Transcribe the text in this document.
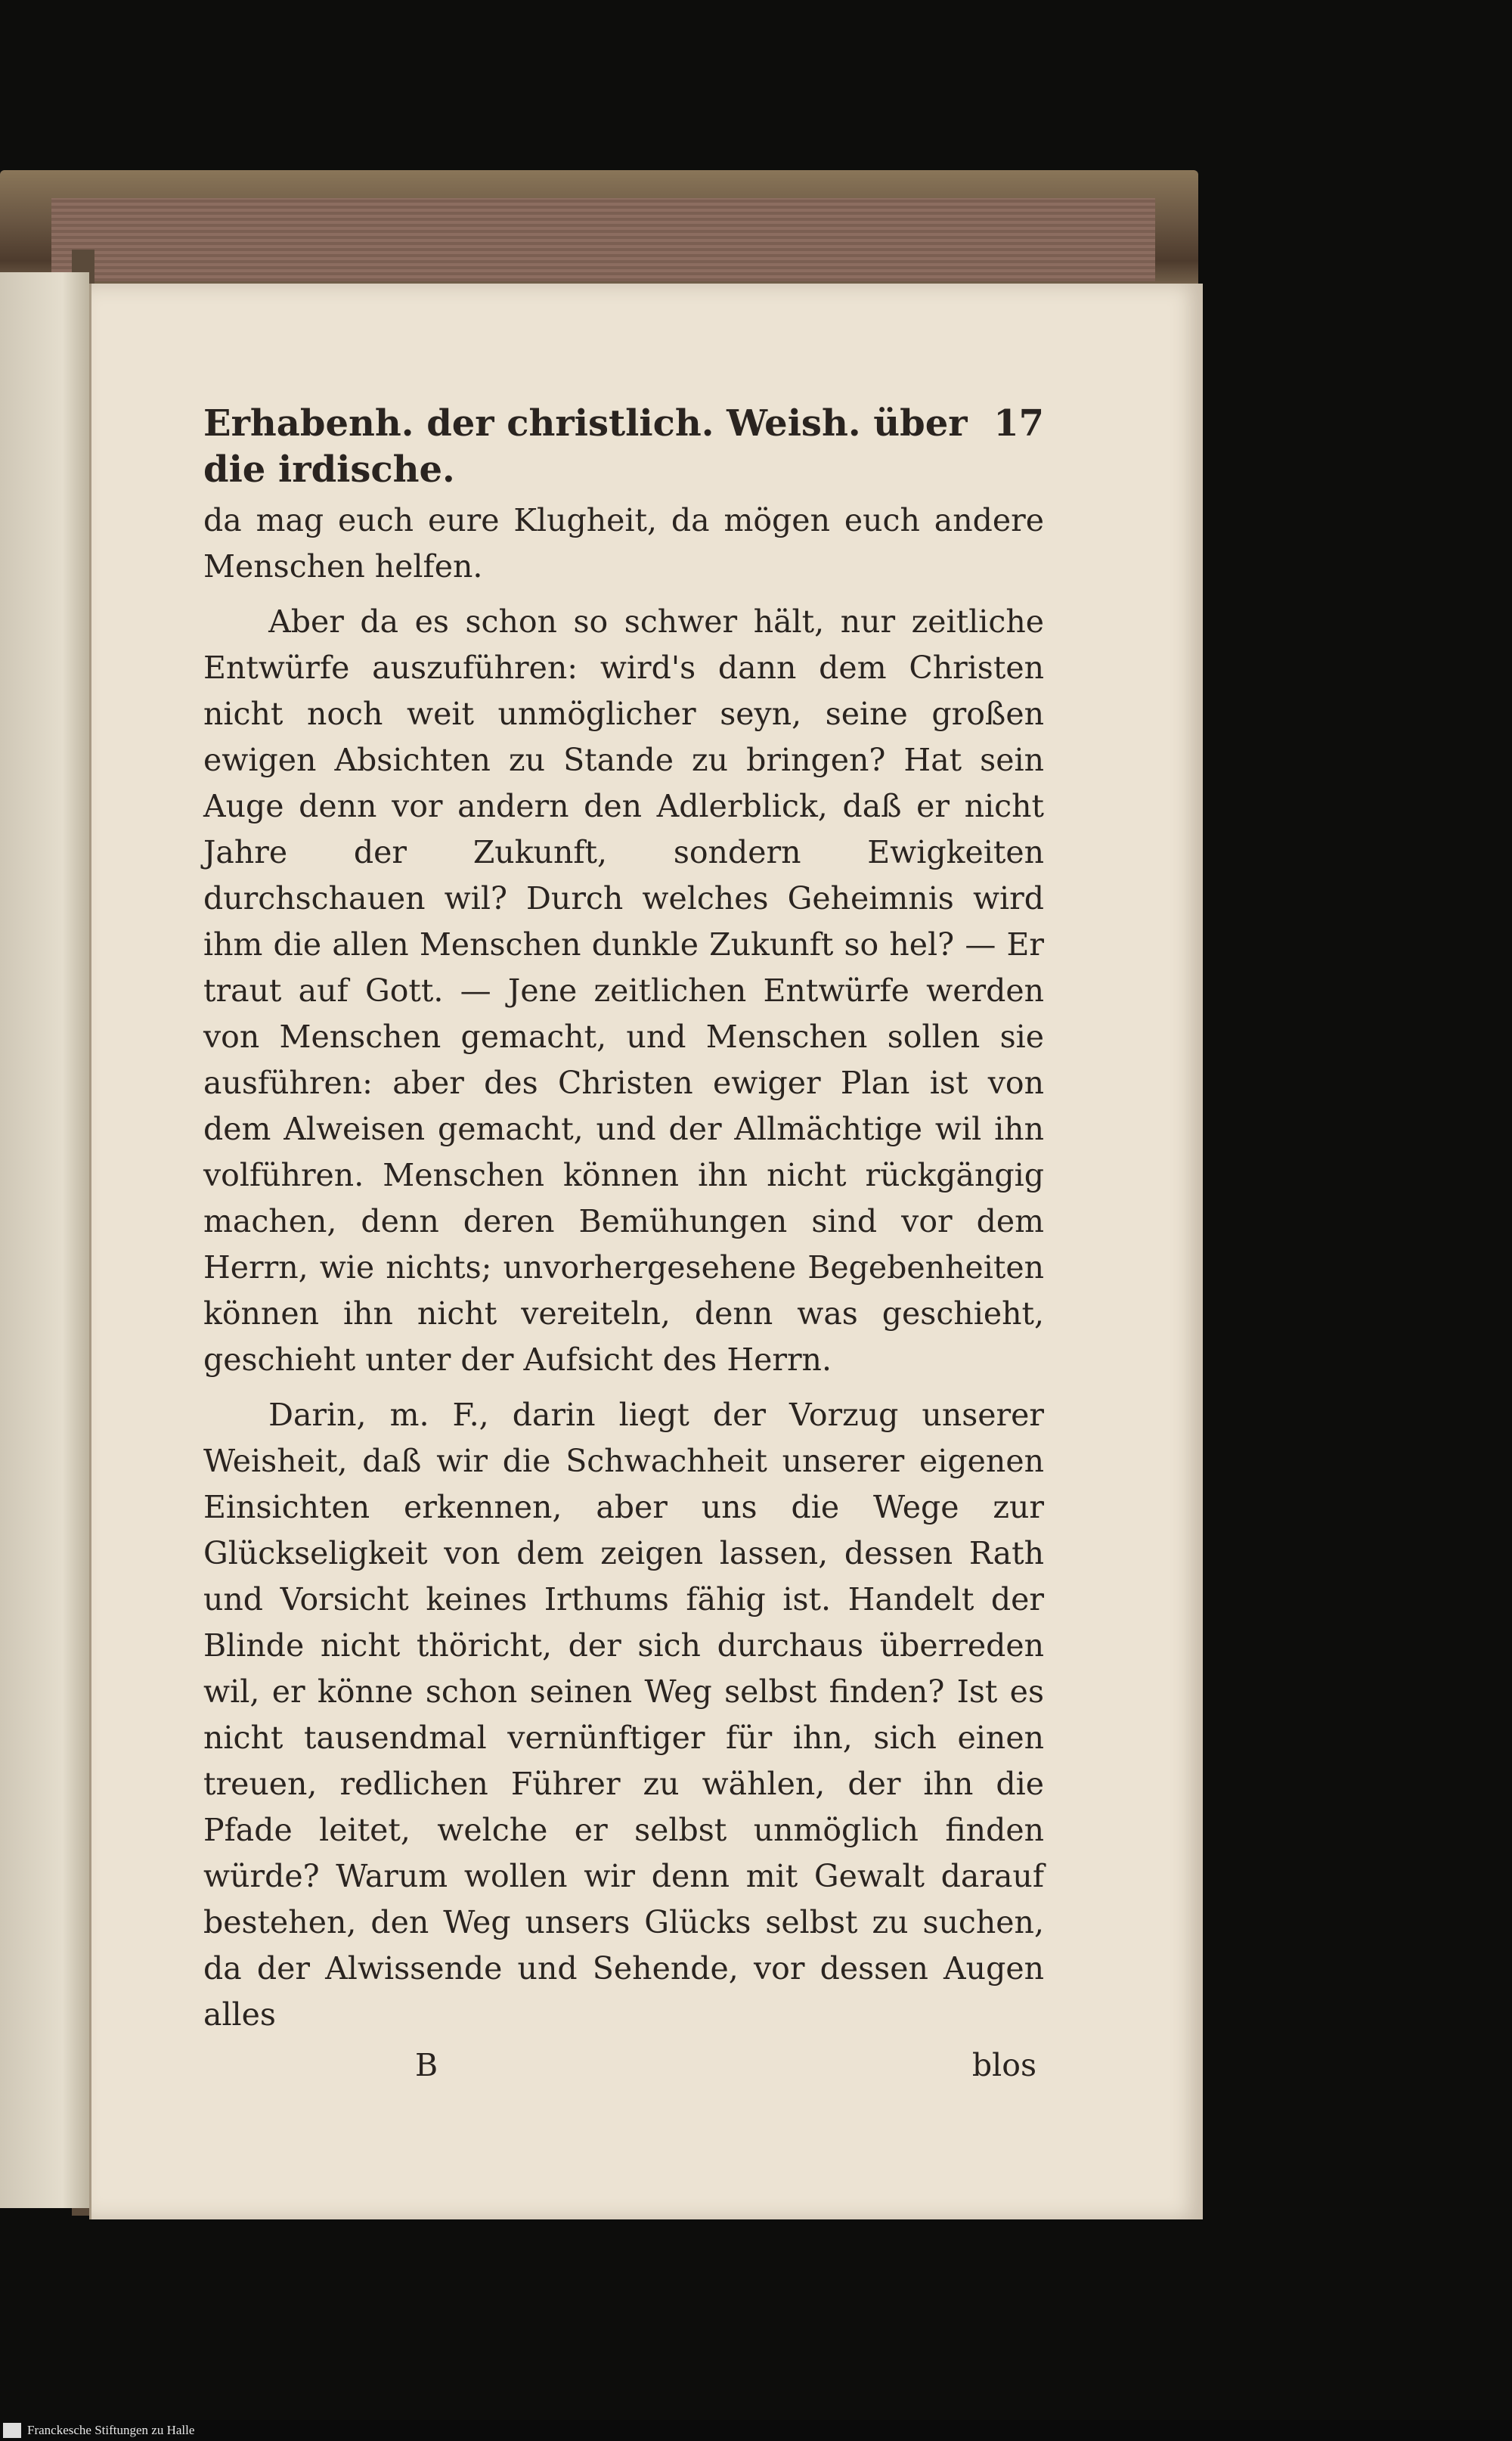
Erhabenh. der christlich. Weish. über die irdische.
17

da mag euch eure Klugheit, da mögen euch andere Menschen helfen.

Aber da es schon so schwer hält, nur zeitliche Entwürfe auszuführen: wird's dann dem Christen nicht noch weit unmöglicher seyn, seine großen ewigen Absichten zu Stande zu bringen? Hat sein Auge denn vor andern den Adlerblick, daß er nicht Jahre der Zukunft, sondern Ewigkeiten durchschauen wil? Durch welches Geheimnis wird ihm die allen Menschen dunkle Zukunft so hel? — Er traut auf Gott. — Jene zeitlichen Entwürfe werden von Menschen gemacht, und Menschen sollen sie ausführen: aber des Christen ewiger Plan ist von dem Alweisen gemacht, und der Allmächtige wil ihn volführen. Menschen können ihn nicht rückgängig machen, denn deren Bemühungen sind vor dem Herrn, wie nichts; unvorhergesehene Begebenheiten können ihn nicht vereiteln, denn was geschieht, geschieht unter der Aufsicht des Herrn.

Darin, m. F., darin liegt der Vorzug unserer Weisheit, daß wir die Schwachheit unserer eigenen Einsichten erkennen, aber uns die Wege zur Glückseligkeit von dem zeigen lassen, dessen Rath und Vorsicht keines Irthums fähig ist. Handelt der Blinde nicht thöricht, der sich durchaus überreden wil, er könne schon seinen Weg selbst finden? Ist es nicht tausendmal vernünftiger für ihn, sich einen treuen, redlichen Führer zu wählen, der ihn die Pfade leitet, welche er selbst unmöglich finden würde? Warum wollen wir denn mit Gewalt darauf bestehen, den Weg unsers Glücks selbst zu suchen, da der Alwissende und Sehende, vor dessen Augen alles

B	blos
Franckesche Stiftungen zu Halle
